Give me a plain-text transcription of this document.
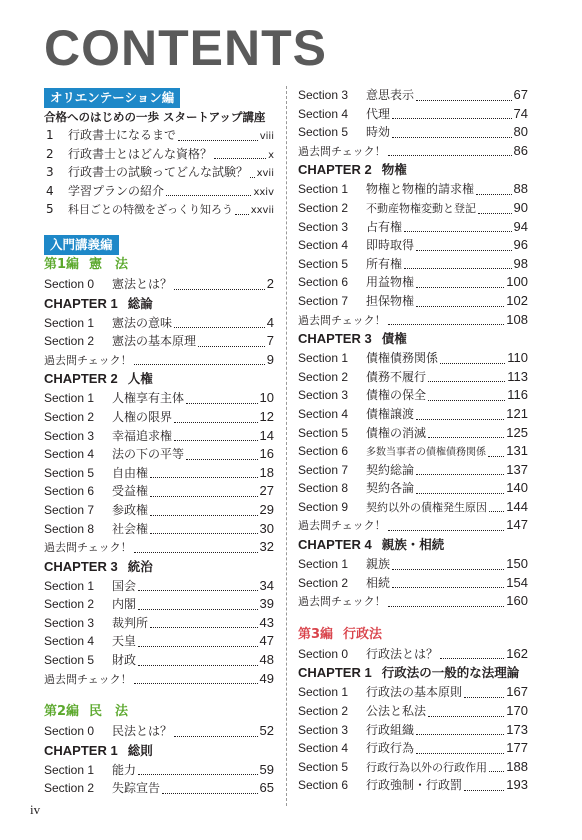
CONTENTS
オリエンテーション編
合格へのはじめの一歩 スタートアップ講座
1	行政書士になるまで	viii
2	行政書士とはどんな資格？	x
3	行政書士の試験ってどんな試験？ xvii
4	学習プランの紹介	xxiv
5	科目ごとの特徴をざっくり知ろう xxvii
入門講義編
第1編 憲　法
Section 0	憲法とは？	2
CHAPTER 1 総論
Section 1	憲法の意味	4
Section 2	憲法の基本原理	7
過去問チェック！	9
CHAPTER 2 人権
Section 1	人権享有主体	10
Section 2	人権の限界	12
Section 3	幸福追求権	14
Section 4	法の下の平等	16
Section 5	自由権	18
Section 6	受益権	27
Section 7	参政権	29
Section 8	社会権	30
過去問チェック！	32
CHAPTER 3 統治
Section 1	国会	34
Section 2	内閣	39
Section 3	裁判所	43
Section 4	天皇	47
Section 5	財政	48
過去問チェック！	49
第2編 民　法
Section 0	民法とは？	52
CHAPTER 1 総則
Section 1	能力	59
Section 2	失踪宣告	65
Section 3	意思表示	67
Section 4	代理	74
Section 5	時効	80
過去問チェック！	86
CHAPTER 2 物権
Section 1	物権と物権的請求権	88
Section 2	不動産物権変動と登記	90
Section 3	占有権	94
Section 4	即時取得	96
Section 5	所有権	98
Section 6	用益物権	100
Section 7	担保物権	102
過去問チェック！	108
CHAPTER 3 債権
Section 1	債権債務関係	110
Section 2	債務不履行	113
Section 3	債権の保全	116
Section 4	債権譲渡	121
Section 5	債権の消滅	125
Section 6	多数当事者の債権債務関係 131
Section 7	契約総論	137
Section 8	契約各論	140
Section 9	契約以外の債権発生原因 144
過去問チェック！	147
CHAPTER 4 親族・相続
Section 1	親族	150
Section 2	相続	154
過去問チェック！	160
第3編 行政法
Section 0	行政法とは？	162
CHAPTER 1 行政法の一般的な法理論
Section 1	行政法の基本原則	167
Section 2	公法と私法	170
Section 3	行政組織	173
Section 4	行政行為	177
Section 5	行政行為以外の行政作用 188
Section 6	行政強制・行政罰	193
iv
